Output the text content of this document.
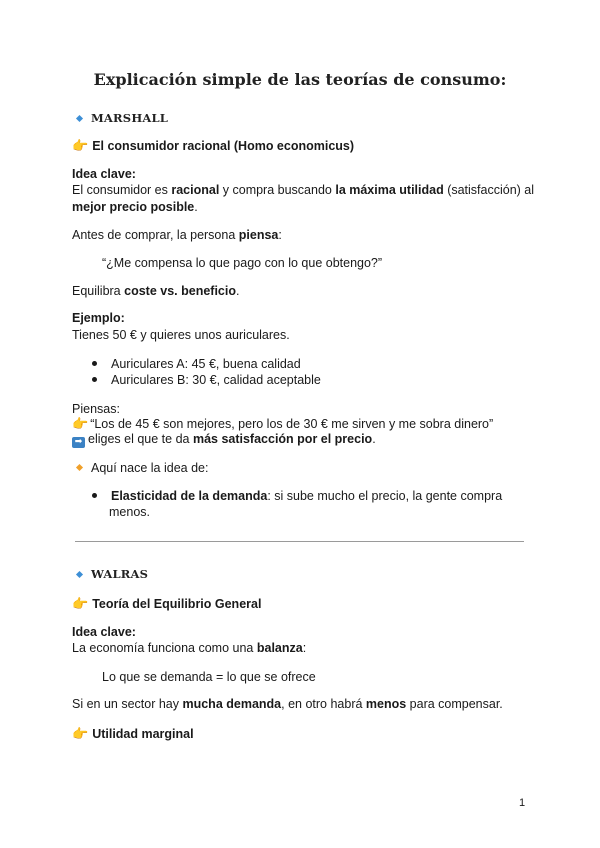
Explicación simple de las teorías de consumo:
MARSHALL
👉 El consumidor racional (Homo economicus)
Idea clave:
El consumidor es racional y compra buscando la máxima utilidad (satisfacción) al
mejor precio posible.
Antes de comprar, la persona piensa:
“¿Me compensa lo que pago con lo que obtengo?”
Equilibra coste vs. beneficio.
Ejemplo:
Tienes 50 € y quieres unos auriculares.
Auriculares A: 45 €, buena calidad
Auriculares B: 30 €, calidad aceptable
Piensas:
👉 “Los de 45 € son mejores, pero los de 30 € me sirven y me sobra dinero”
➡ eliges el que te da más satisfacción por el precio.
Aquí nace la idea de:
Elasticidad de la demanda: si sube mucho el precio, la gente compra
menos.
WALRAS
👉 Teoría del Equilibrio General
Idea clave:
La economía funciona como una balanza:
Lo que se demanda = lo que se ofrece
Si en un sector hay mucha demanda, en otro habrá menos para compensar.
👉 Utilidad marginal
1
